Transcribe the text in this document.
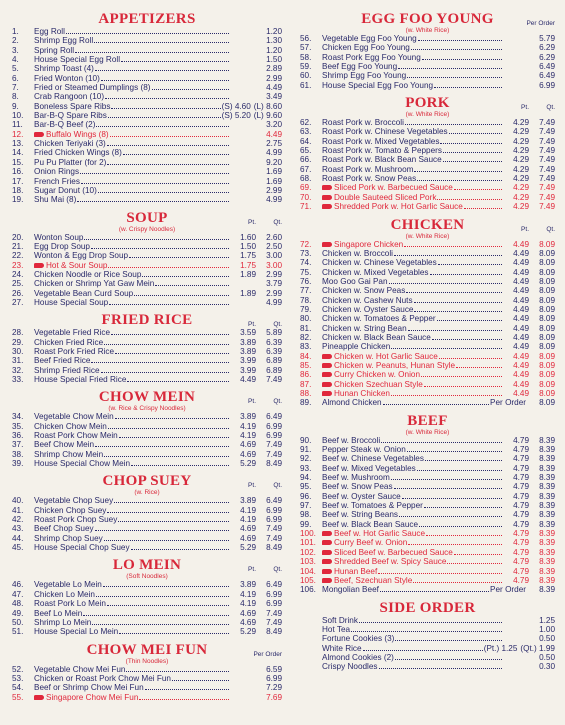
APPETIZERS
1.	Egg Roll	1.20
2.	Shrimp Egg Roll	1.30
3.	Spring Roll	1.20
4.	House Special Egg Roll	1.50
5.	Shrimp Toast (4)	2.89
6.	Fried Wonton (10)	2.99
7.	Fried or Steamed Dumplings (8)	4.49
8.	Crab Rangoon (10)	3.49
9.	Boneless Spare Ribs	(S) 4.60 (L) 8.60
10.	Bar-B-Q Spare Ribs	(S) 5.20 (L) 9.60
11.	Bar-B-Q Beef (2)	3.20
12.	Buffalo Wings (8)	4.49
13.	Chicken Teriyaki (3)	2.75
14.	Fried Chicken Wings (8)	4.99
15.	Pu Pu Platter (for 2)	9.20
16.	Onion Rings	1.69
17.	French Fries	1.69
18.	Sugar Donut (10)	2.99
19.	Shu Mai (8)	4.99
SOUP	Pt.	Qt.
(w. Crispy Noodles)
20.	Wonton Soup	1.60	2.60
21.	Egg Drop Soup	1.50	2.50
22.	Wonton & Egg Drop Soup	1.75	3.00
23.	Hot & Sour Soup	1.75	3.00
24.	Chicken Noodle or Rice Soup	1.89	2.99
25.	Chicken or Shrimp Yat Gaw Mein	3.79
26.	Vegetable Bean Curd Soup	1.89	2.99
27.	House Special Soup	4.99
FRIED RICE	Pt.	Qt.
28.	Vegetable Fried Rice	3.59	5.89
29.	Chicken Fried Rice	3.89	6.39
30.	Roast Pork Fried Rice	3.89	6.39
31.	Beef Fried Rice	3.99	6.89
32.	Shrimp Fried Rice	3.99	6.89
33.	House Special Fried Rice	4.49	7.49
CHOW MEIN	Pt.	Qt.
(w. Rice & Crispy Noodles)
34.	Vegetable Chow Mein	3.89	6.49
35.	Chicken Chow Mein	4.19	6.99
36.	Roast Pork Chow Mein	4.19	6.99
37.	Beef Chow Mein	4.69	7.49
38.	Shrimp Chow Mein	4.69	7.49
39.	House Special Chow Mein	5.29	8.49
CHOP SUEY	Pt.	Qt.
(w. Rice)
40.	Vegetable Chop Suey	3.89	6.49
41.	Chicken Chop Suey	4.19	6.99
42.	Roast Pork Chop Suey	4.19	6.99
43.	Beef Chop Suey	4.69	7.49
44.	Shrimp Chop Suey	4.69	7.49
45.	House Special Chop Suey	5.29	8.49
LO MEIN	Pt.	Qt.
(Soft Noodles)
46.	Vegetable Lo Mein	3.89	6.49
47.	Chicken Lo Mein	4.19	6.99
48.	Roast Pork Lo Mein	4.19	6.99
49.	Beef Lo Mein	4.69	7.49
50.	Shrimp Lo Mein	4.69	7.49
51.	House Special Lo Mein	5.29	8.49
CHOW MEI FUN	Per Order
(Thin Noodles)
52.	Vegetable Chow Mei Fun	6.59
53.	Chicken or Roast Pork Chow Mei Fun	6.99
54.	Beef or Shrimp Chow Mei Fun	7.29
55.	Singapore Chow Mei Fun	7.69
EGG FOO YOUNG	Per Order
(w. White Rice)
56.	Vegetable Egg Foo Young	5.79
57.	Chicken Egg Foo Young	6.29
58.	Roast Pork Egg Foo Young	6.29
59.	Beef Egg Foo Young	6.49
60.	Shrimp Egg Foo Young	6.49
61.	House Special Egg Foo Young	6.99
PORK	Pt.	Qt.
(w. White Rice)
62.	Roast Pork w. Broccoli	4.29	7.49
63.	Roast Pork w. Chinese Vegetables	4.29	7.49
64.	Roast Pork w. Mixed Vegetables	4.29	7.49
65.	Roast Pork w. Tomato & Peppers	4.29	7.49
66.	Roast Pork w. Black Bean Sauce	4.29	7.49
67.	Roast Pork w. Mushroom	4.29	7.49
68.	Roast Pork w. Snow Peas	4.29	7.49
69.	Sliced Pork w. Barbecued Sauce	4.29	7.49
70.	Double Sauteed Sliced Pork	4.29	7.49
71.	Shredded Pork w. Hot Garlic Sauce	4.29	7.49
CHICKEN	Pt.	Qt.
(w. White Rice)
72.	Singapore Chicken	4.49	8.09
73.	Chicken w. Broccoli	4.49	8.09
74.	Chicken w. Chinese Vegetables	4.49	8.09
75.	Chicken w. Mixed Vegetables	4.49	8.09
76.	Moo Goo Gai Pan	4.49	8.09
77.	Chicken w. Snow Peas	4.49	8.09
78.	Chicken w. Cashew Nuts	4.49	8.09
79.	Chicken w. Oyster Sauce	4.49	8.09
80.	Chicken w. Tomatoes & Pepper	4.49	8.09
81.	Chicken w. String Bean	4.49	8.09
82.	Chicken w. Black Bean Sauce	4.49	8.09
83.	Pineapple Chicken	4.49	8.09
84.	Chicken w. Hot Garlic Sauce	4.49	8.09
85.	Chicken w. Peanuts, Hunan Style	4.49	8.09
86.	Curry Chicken w. Onion	4.49	8.09
87.	Chicken Szechuan Style	4.49	8.09
88.	Hunan Chicken	4.49	8.09
89.	Almond Chicken	Per Order	8.09
BEEF
(w. White Rice)
90.	Beef w. Broccoli	4.79	8.39
91.	Pepper Steak w. Onion	4.79	8.39
92.	Beef w. Chinese Vegetables	4.79	8.39
93.	Beef w. Mixed Vegetables	4.79	8.39
94.	Beef w. Mushroom	4.79	8.39
95.	Beef w. Snow Peas	4.79	8.39
96.	Beef w. Oyster Sauce	4.79	8.39
97.	Beef w. Tomatoes & Pepper	4.79	8.39
98.	Beef w. String Beans	4.79	8.39
99.	Beef w. Black Bean Sauce	4.79	8.39
100.	Beef w. Hot Garlic Sauce	4.79	8.39
101.	Curry Beef w. Onion	4.79	8.39
102.	Sliced Beef w. Barbecued Sauce	4.79	8.39
103.	Shredded Beef w. Spicy Sauce	4.79	8.39
104.	Hunan Beef	4.79	8.39
105.	Beef, Szechuan Style	4.79	8.39
106. Mongolian Beef	Per Order	8.39
SIDE ORDER
Soft Drink	1.25
Hot Tea	1.00
Fortune Cookies (3)	0.50
White Rice	(Pt.) 1.25 (Qt.) 1.99
Almond Cookies (2)	0.50
Crispy Noodles	0.30
